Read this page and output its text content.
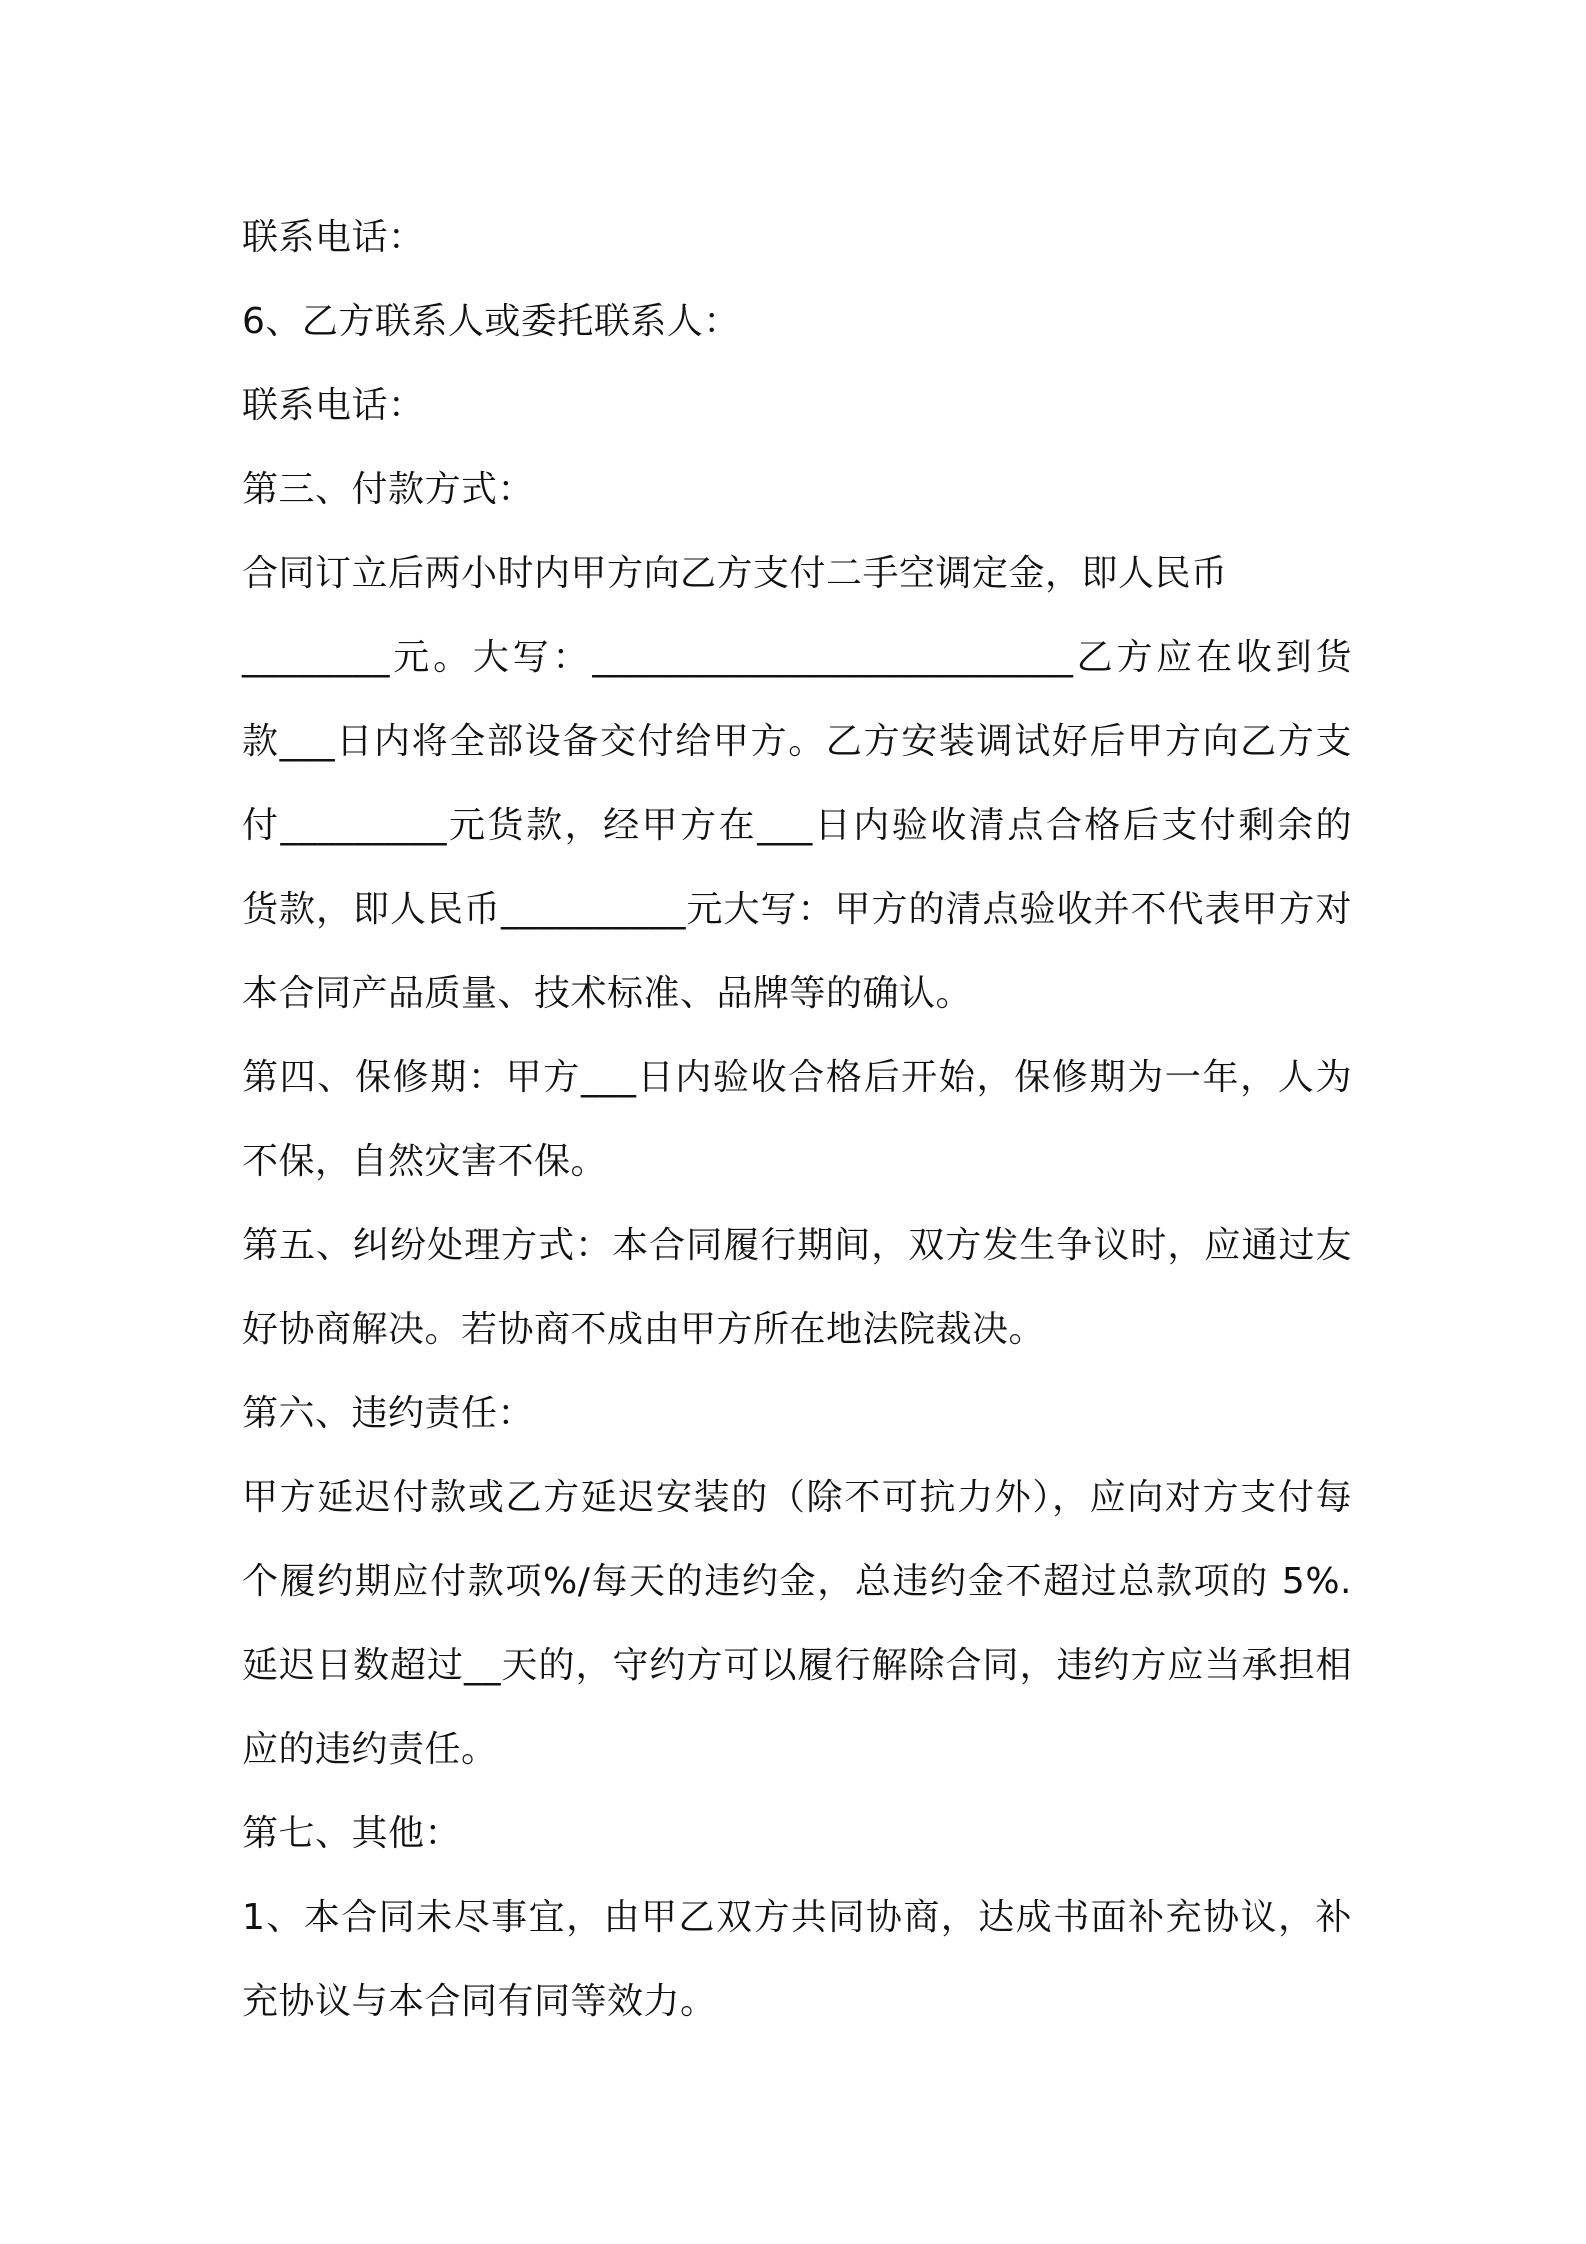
联系电话：
6、乙方联系人或委托联系人：
联系电话：
第三、付款方式：
合同订立后两小时内甲方向乙方支付二手空调定金，即人民币
________元。大写：__________________________乙方应在收到货
款___日内将全部设备交付给甲方。乙方安装调试好后甲方向乙方支
付_________元货款，经甲方在___日内验收清点合格后支付剩余的
货款，即人民币__________元大写：甲方的清点验收并不代表甲方对
本合同产品质量、技术标准、品牌等的确认。
第四、保修期：甲方___日内验收合格后开始，保修期为一年，人为
不保，自然灾害不保。
第五、纠纷处理方式：本合同履行期间，双方发生争议时，应通过友
好协商解决。若协商不成由甲方所在地法院裁决。
第六、违约责任：
甲方延迟付款或乙方延迟安装的（除不可抗力外），应向对方支付每
个履约期应付款项%/每天的违约金，总违约金不超过总款项的 5%.
延迟日数超过__天的，守约方可以履行解除合同，违约方应当承担相
应的违约责任。
第七、其他：
1、本合同未尽事宜，由甲乙双方共同协商，达成书面补充协议，补
充协议与本合同有同等效力。
